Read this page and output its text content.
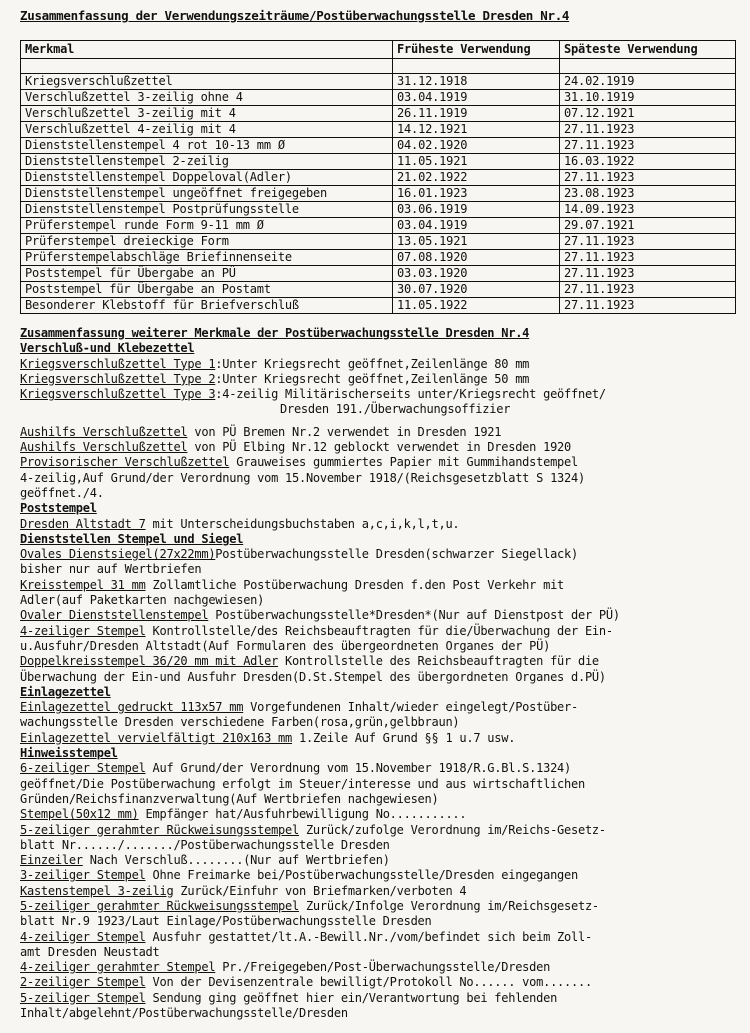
Zusammenfassung der Verwendungszeiträume/Postüberwachungsstelle Dresden Nr.4
Merkmal	Früheste Verwendung	Späteste Verwendung

Kriegsverschlußzettel	31.12.1918	24.02.1919
Verschlußzettel 3-zeilig ohne 4	03.04.1919	31.10.1919
Verschlußzettel 3-zeilig mit 4	26.11.1919	07.12.1921
Verschlußzettel 4-zeilig mit 4	14.12.1921	27.11.1923
Dienststellenstempel 4 rot 10-13 mm Ø	04.02.1920	27.11.1923
Dienststellenstempel 2-zeilig	11.05.1921	16.03.1922
Dienststellenstempel Doppeloval(Adler)	21.02.1922	27.11.1923
Dienststellenstempel ungeöffnet freigegeben	16.01.1923	23.08.1923
Dienststellenstempel Postprüfungsstelle	03.06.1919	14.09.1923
Prüferstempel runde Form 9-11 mm Ø	03.04.1919	29.07.1921
Prüferstempel dreieckige Form	13.05.1921	27.11.1923
Prüferstempelabschläge Briefinnenseite	07.08.1920	27.11.1923
Poststempel für Übergabe an PÜ	03.03.1920	27.11.1923
Poststempel für Übergabe an Postamt	30.07.1920	27.11.1923
Besonderer Klebstoff für Briefverschluß	11.05.1922	27.11.1923
Zusammenfassung weiterer Merkmale der Postüberwachungsstelle Dresden Nr.4
Verschluß-und Klebezettel
Kriegsverschlußzettel Type 1:Unter Kriegsrecht geöffnet,Zeilenlänge 80 mm
Kriegsverschlußzettel Type 2:Unter Kriegsrecht geöffnet,Zeilenlänge 50 mm
Kriegsverschlußzettel Type 3:4-zeilig Militärischerseits unter/Kriegsrecht geöffnet/
Dresden 191./Überwachungsoffizier
Aushilfs Verschlußzettel von PÜ Bremen Nr.2 verwendet in Dresden 1921
Aushilfs Verschlußzettel von PÜ Elbing Nr.12 geblockt verwendet in Dresden 1920
Provisorischer Verschlußzettel Grauweises gummiertes Papier mit Gummihandstempel
4-zeilig,Auf Grund/der Verordnung vom 15.November 1918/(Reichsgesetzblatt S 1324)
geöffnet./4.
Poststempel
Dresden Altstadt 7 mit Unterscheidungsbuchstaben a,c,i,k,l,t,u.
Dienststellen Stempel und Siegel
Ovales Dienstsiegel(27x22mm)Postüberwachungsstelle Dresden(schwarzer Siegellack)
bisher nur auf Wertbriefen
Kreisstempel 31 mm Zollamtliche Postüberwachung Dresden f.den Post Verkehr mit
Adler(auf Paketkarten nachgewiesen)
Ovaler Dienststellenstempel Postüberwachungsstelle*Dresden*(Nur auf Dienstpost der PÜ)
4-zeiliger Stempel Kontrollstelle/des Reichsbeauftragten für die/Überwachung der Ein-
u.Ausfuhr/Dresden Altstadt(Auf Formularen des übergeordneten Organes der PÜ)
Doppelkreisstempel 36/20 mm mit Adler Kontrollstelle des Reichsbeauftragten für die
Überwachung der Ein-und Ausfuhr Dresden(D.St.Stempel des übergordneten Organes d.PÜ)
Einlagezettel
Einlagezettel gedruckt 113x57 mm Vorgefundenen Inhalt/wieder eingelegt/Postüber-
wachungsstelle Dresden verschiedene Farben(rosa,grün,gelbbraun)
Einlagezettel vervielfältigt 210x163 mm 1.Zeile Auf Grund §§ 1 u.7 usw.
Hinweisstempel
6-zeiliger Stempel Auf Grund/der Verordnung vom 15.November 1918/R.G.Bl.S.1324)
geöffnet/Die Postüberwachung erfolgt im Steuer/interesse und aus wirtschaftlichen
Gründen/Reichsfinanzverwaltung(Auf Wertbriefen nachgewiesen)
Stempel(50x12 mm) Empfänger hat/Ausfuhrbewilligung No...........
5-zeiliger gerahmter Rückweisungsstempel Zurück/zufolge Verordnung im/Reichs-Gesetz-
blatt Nr....../......./Postüberwachungsstelle Dresden
Einzeiler Nach Verschluß........(Nur auf Wertbriefen)
3-zeiliger Stempel Ohne Freimarke bei/Postüberwachungsstelle/Dresden eingegangen
Kastenstempel 3-zeilig Zurück/Einfuhr von Briefmarken/verboten 4
5-zeiliger gerahmter Rückweisungsstempel Zurück/Infolge Verordnung im/Reichsgesetz-
blatt Nr.9 1923/Laut Einlage/Postüberwachungsstelle Dresden
4-zeiliger Stempel Ausfuhr gestattet/lt.A.-Bewill.Nr./vom/befindet sich beim Zoll-
amt Dresden Neustadt
4-zeiliger gerahmter Stempel Pr./Freigegeben/Post-Überwachungsstelle/Dresden
2-zeiliger Stempel Von der Devisenzentrale bewilligt/Protokoll No...... vom.......
5-zeiliger Stempel Sendung ging geöffnet hier ein/Verantwortung bei fehlenden
Inhalt/abgelehnt/Postüberwachungsstelle/Dresden
